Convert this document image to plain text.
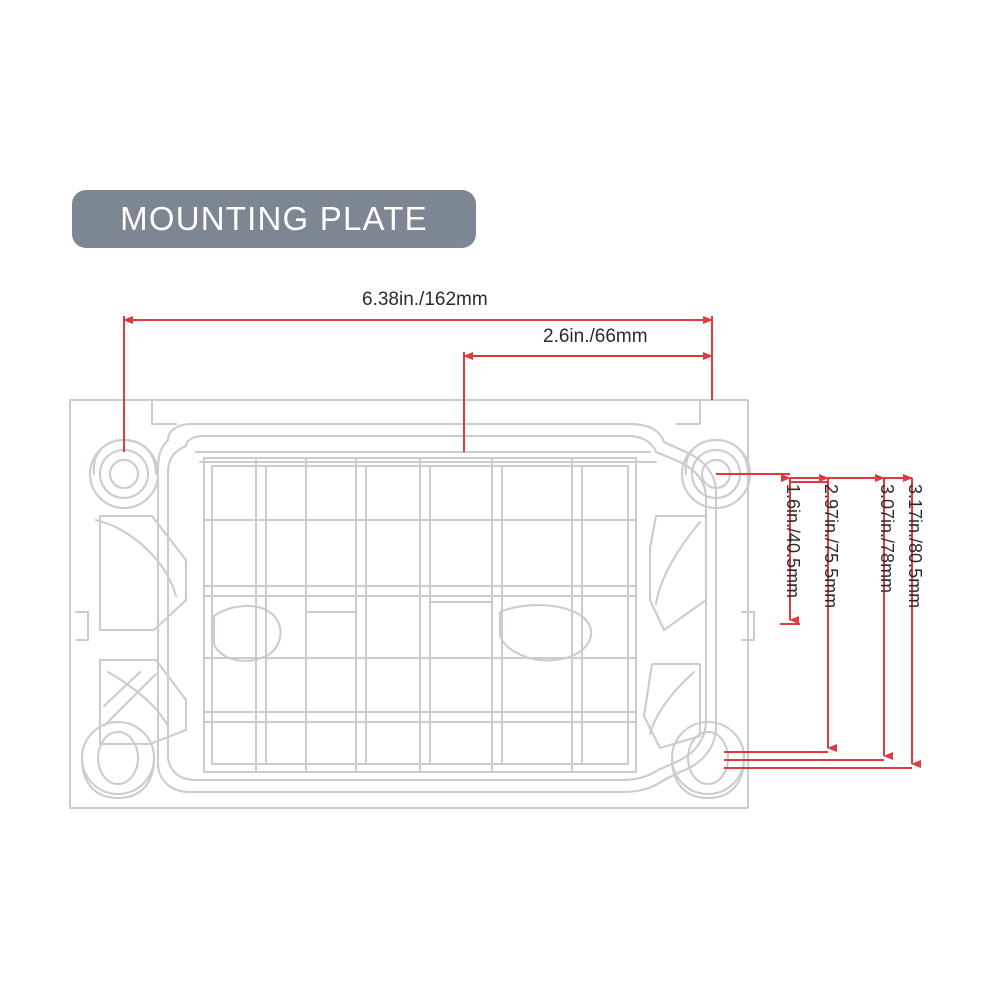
MOUNTING PLATE
6.38in./162mm
2.6in./66mm
1.6in./40.5mm 2.97in./75.5mm 3.07in./78mm 3.17in./80.5mm
